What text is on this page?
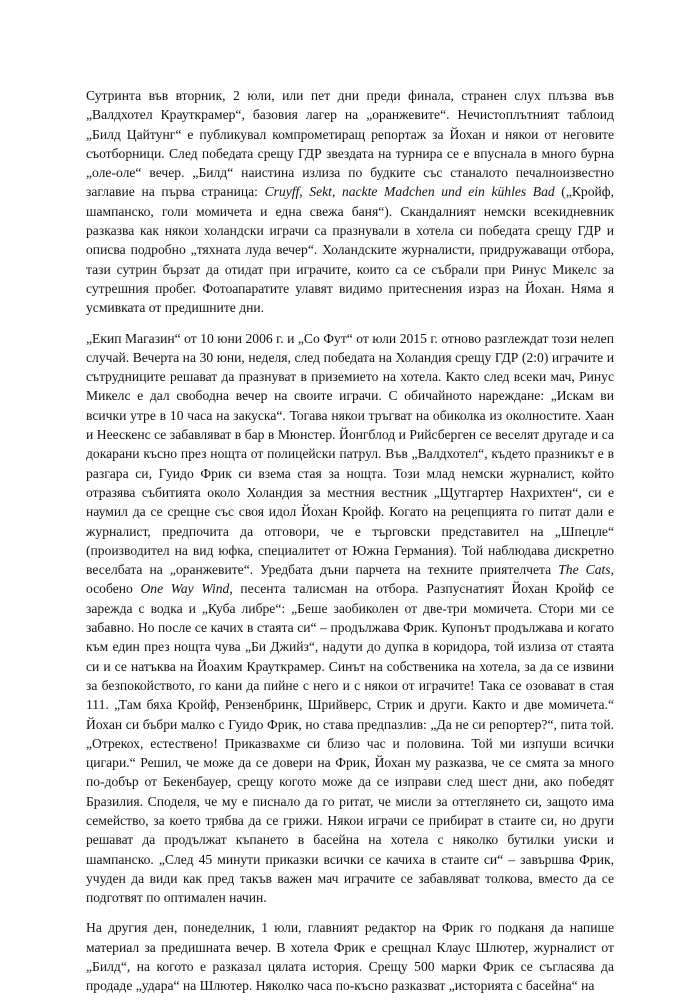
Сутринта във вторник, 2 юли, или пет дни преди финала, странен слух плъзва във „Валдхотел Крауткрамер“, базовия лагер на „оранжевите“. Нечистоплътният таблоид „Билд Цайтунг“ е публикувал компрометиращ репортаж за Йохан и някои от неговите съотборници. След победата срещу ГДР звездата на турнира се е впуснала в много бурна „оле-оле“ вечер. „Билд“ наистина излиза по будките със станалото печалноизвестно заглавие на първа страница: Cruyff, Sekt, nackte Madchen und ein kühles Bad („Кройф, шампанско, голи момичета и една свежа баня“). Скандалният немски всекидневник разказва как някои холандски играчи са празнували в хотела си победата срещу ГДР и описва подробно „тяхната луда вечер“. Холандските журналисти, придружаващи отбора, тази сутрин бързат да отидат при играчите, които са се събрали при Ринус Микелс за сутрешния пробег. Фотоапаратите улавят видимо притеснения израз на Йохан. Няма я усмивката от предишните дни.

„Екип Магазин“ от 10 юни 2006 г. и „Со Фут“ от юли 2015 г. отново разглеждат този нелеп случай. Вечерта на 30 юни, неделя, след победата на Холандия срещу ГДР (2:0) играчите и сътрудниците решават да празнуват в приземието на хотела. Както след всеки мач, Ринус Микелс е дал свободна вечер на своите играчи. С обичайното нареждане: „Искам ви всички утре в 10 часа на закуска“. Тогава някои тръгват на обиколка из околностите. Хаан и Неескенс се забавляват в бар в Мюнстер. Йонгблод и Рийсберген се веселят другаде и са докарани късно през нощта от полицейски патрул. Във „Валдхотел“, където празникът е в разгара си, Гуидо Фрик си взема стая за нощта. Този млад немски журналист, който отразява събитията около Холандия за местния вестник „Щутгартер Нахрихтен“, си е наумил да се срещне със своя идол Йохан Кройф. Когато на рецепцията го питат дали е журналист, предпочита да отговори, че е търговски представител на „Шпецле“ (производител на вид юфка, специалитет от Южна Германия). Той наблюдава дискретно веселбата на „оранжевите“. Уредбата дъни парчета на техните приятелчета The Cats, особено One Way Wind, песента талисман на отбора. Разпуснатият Йохан Кройф се зарежда с водка и „Куба либре“: „Беше заобиколен от две-три момичета. Стори ми се забавно. Но после се качих в стаята си“ – продължава Фрик. Купонът продължава и когато към един през нощта чува „Би Джийз“, надути до дупка в коридора, той излиза от стаята си и се натъква на Йоахим Крауткрамер. Синът на собственика на хотела, за да се извини за безпокойството, го кани да пийне с него и с някои от играчите! Така се озовават в стая 111. „Там бяха Кройф, Рензенбринк, Шрийверс, Стрик и други. Както и две момичета.“ Йохан си бъбри малко с Гуидо Фрик, но става предпазлив: „Да не си репортер?“, пита той. „Отрекох, естествено! Приказвахме си близо час и половина. Той ми изпуши всички цигари.“ Решил, че може да се довери на Фрик, Йохан му разказва, че се смята за много по-добър от Бекенбауер, срещу когото може да се изправи след шест дни, ако победят Бразилия. Споделя, че му е писнало да го ритат, че мисли за оттеглянето си, защото има семейство, за което трябва да се грижи. Някои играчи се прибират в стаите си, но други решават да продължат къпането в басейна на хотела с няколко бутилки уиски и шампанско. „След 45 минути приказки всички се качиха в стаите си“ – завършва Фрик, учуден да види как пред такъв важен мач играчите се забавляват толкова, вместо да се подготвят по оптимален начин.

На другия ден, понеделник, 1 юли, главният редактор на Фрик го подканя да напише материал за предишната вечер. В хотела Фрик е срещнал Клаус Шлютер, журналист от „Билд“, на когото е разказал цялата история. Срещу 500 марки Фрик се съгласява да продаде „удара“ на Шлютер. Няколко часа по-късно разказват „историята с басейна“ на
